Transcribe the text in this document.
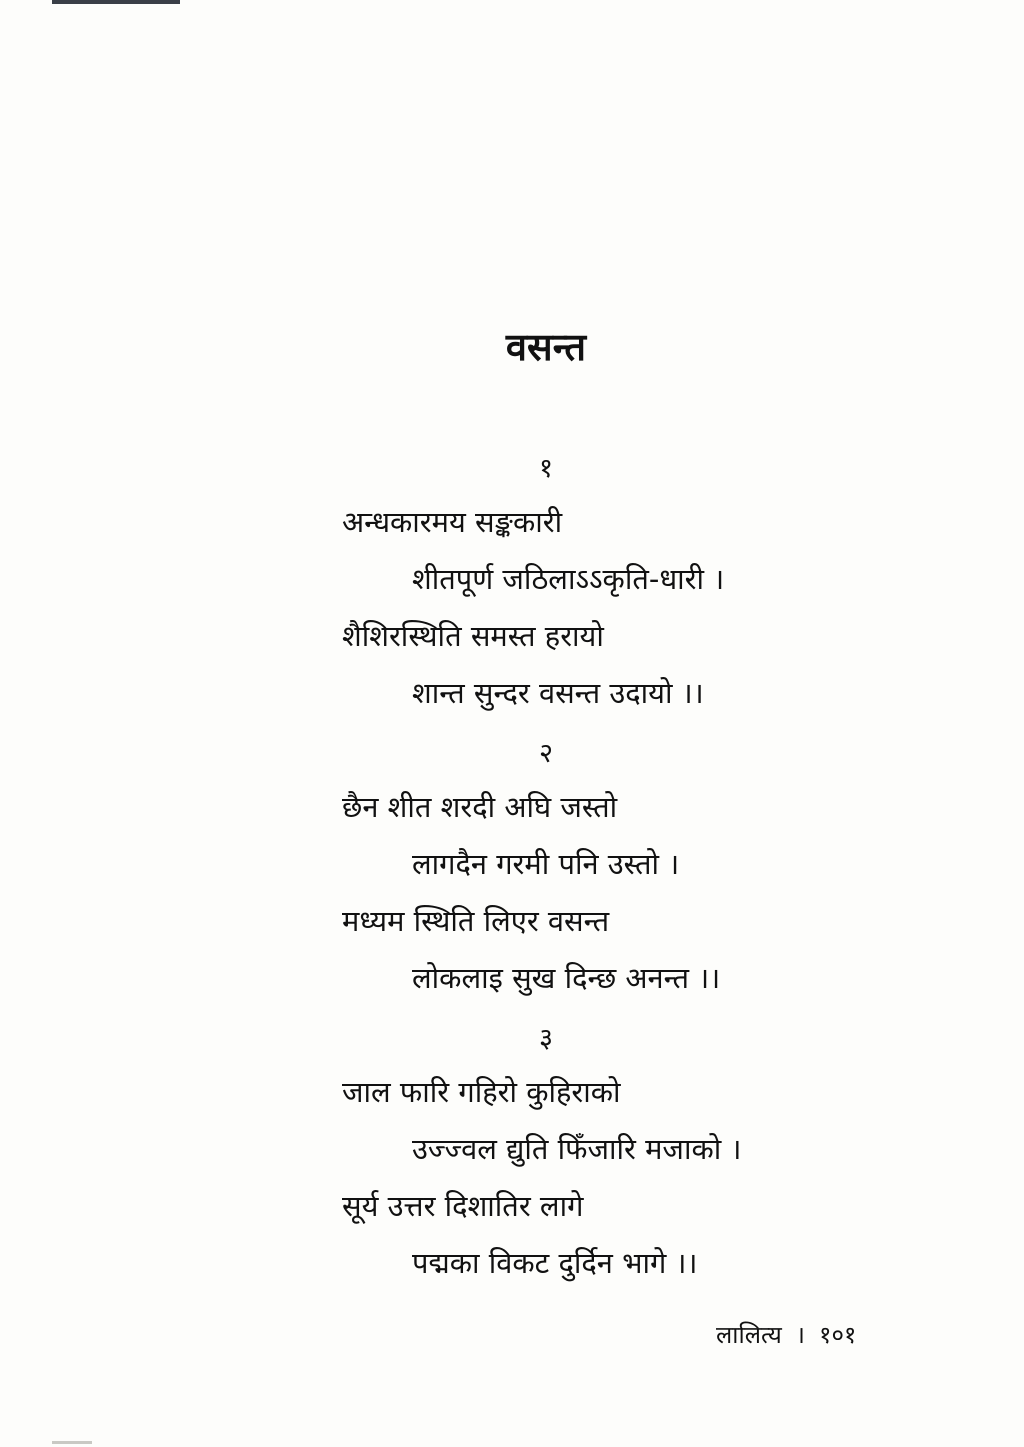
वसन्त
१
अन्धकारमय सङ्ककारी
शीतपूर्ण जठिलाऽऽकृति-धारी ।
शैशिरस्थिति समस्त हरायो
शान्त सुन्दर वसन्त उदायो ।।
२
छैन शीत शरदी अघि जस्तो
लागदैन गरमी पनि उस्तो ।
मध्यम स्थिति लिएर वसन्त
लोकलाइ सुख दिन्छ अनन्त ।।
३
जाल फारि गहिरो कुहिराको
उज्ज्वल द्युति फिँजारि मजाको ।
सूर्य उत्तर दिशातिर लागे
पद्मका विकट दुर्दिन भागे ।।
लालित्य । १०१
